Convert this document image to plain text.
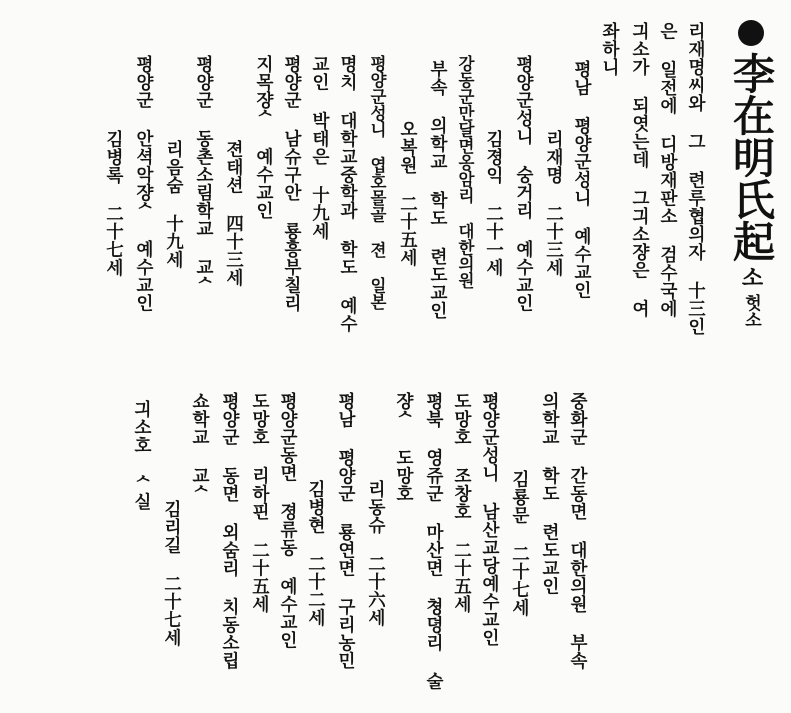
李在明氏起소헛소
리재명씨와 그 련루협의자 十三인
은 일전에 디방재판소 검수국에
긔소가 되엿는데 그긔소쟝은 여
좌하니
평남 평양군성니 예수교인
리재명 二十三세
평양군성니 숭거리 예수교인
김졍익 二十一세
강동군만달면옹암리 대한의원
부속 의학교 학도 련도교인
오복원 二十五세
평양군성니 엽호몰골 젼 일본
명치 대학교중학과 학도 예수
교인 박태은 十九세
평양군 남슈구안 룡흥부칠리
지목쟝ᄉ 예수교인
젼태션 四十三세
평양군 동촌소림학교 교ᄉ
리음숨 十九세
평양군 안셕악쟝ᄉ 예수교인
김병록 二十七세
중화군 간동면 대한의원 부속
의학교 학도 련도교인
김룡문 二十七세
평양군성니 남산교당예수교인
도망호 조창호 二十五세
평북 영쥬군 마산면 쳥뎡리 술
쟝ᄉ 도망호
리동슈 二十六세
평남 평양군 룡연면 구리농민
김병현 二十二세
평양군동면 졍류동 예수교인
도망호 리하핀 二十五세
평양군 동면 외숨리 치동소립
쇼학교 교ᄉ
김리길 二十七세
긔소호 ᄉ실
